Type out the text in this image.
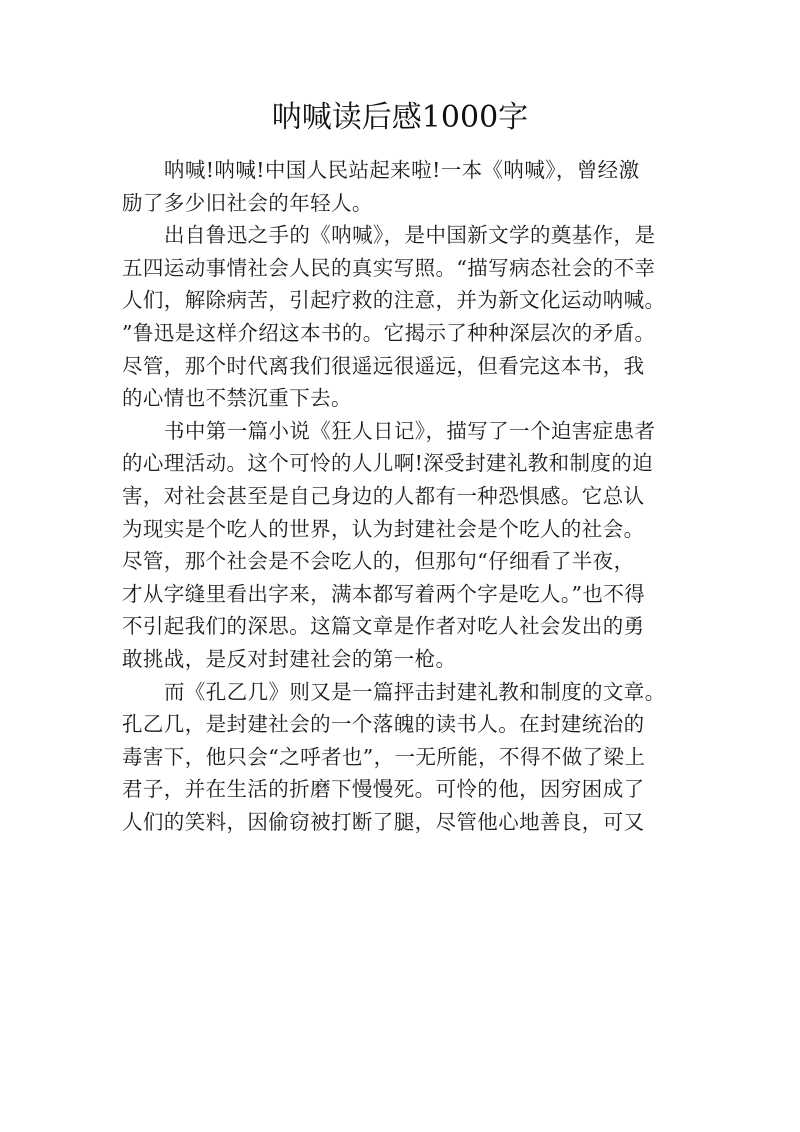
呐喊读后感1000字
呐喊!呐喊!中国人民站起来啦!一本《呐喊》，曾经激
励了多少旧社会的年轻人。
出自鲁迅之手的《呐喊》，是中国新文学的奠基作，是
五四运动事情社会人民的真实写照。“描写病态社会的不幸
人们，解除病苦，引起疗救的注意，并为新文化运动呐喊。
”鲁迅是这样介绍这本书的。它揭示了种种深层次的矛盾。
尽管，那个时代离我们很遥远很遥远，但看完这本书，我
的心情也不禁沉重下去。
书中第一篇小说《狂人日记》，描写了一个迫害症患者
的心理活动。这个可怜的人儿啊!深受封建礼教和制度的迫
害，对社会甚至是自己身边的人都有一种恐惧感。它总认
为现实是个吃人的世界，认为封建社会是个吃人的社会。
尽管，那个社会是不会吃人的，但那句“仔细看了半夜，
才从字缝里看出字来，满本都写着两个字是吃人。”也不得
不引起我们的深思。这篇文章是作者对吃人社会发出的勇
敢挑战，是反对封建社会的第一枪。
而《孔乙几》则又是一篇抨击封建礼教和制度的文章。
孔乙几，是封建社会的一个落魄的读书人。在封建统治的
毒害下，他只会“之呼者也”，一无所能，不得不做了梁上
君子，并在生活的折磨下慢慢死。可怜的他，因穷困成了
人们的笑料，因偷窃被打断了腿，尽管他心地善良，可又
